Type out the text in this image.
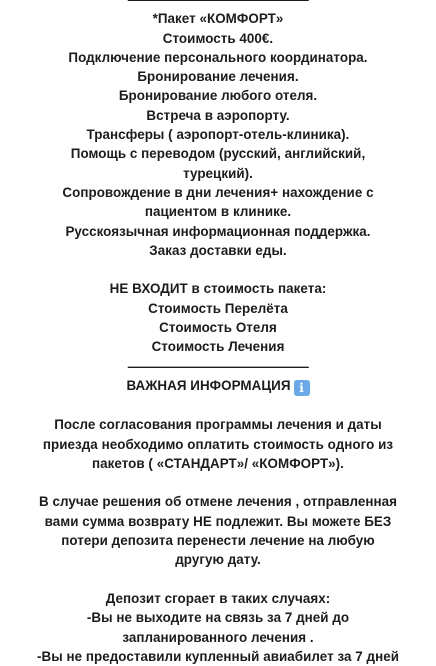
*Пакет «КОМФОРТ»
Стоимость 400€.
Подключение персонального координатора.
Бронирование лечения.
Бронирование любого отеля.
Встреча в аэропорту.
Трансферы ( аэропорт-отель-клиника).
Помощь с переводом (русский, английский,
турецкий).
Сопровождение в дни лечения+ нахождение с
пациентом в клинике.
Русскоязычная информационная поддержка.
Заказ доставки еды.
НЕ ВХОДИТ в стоимость пакета:
Стоимость Перелёта
Стоимость Отеля
Стоимость Лечения
——————————————
ВАЖНАЯ ИНФОРМАЦИЯ i
После согласования программы лечения и даты
приезда необходимо оплатить стоимость одного из
пакетов ( «СТАНДАРТ»/ «КОМФОРТ»).
В случае решения об отмене лечения , отправленная
вами сумма возврату НЕ подлежит. Вы можете БЕЗ
потери депозита перенести лечение на любую
другую дату.
Депозит сгорает в таких случаях:
-Вы не выходите на связь за 7 дней до
запланированного лечения .
-Вы не предоставили купленный авиабилет за 7 дней
